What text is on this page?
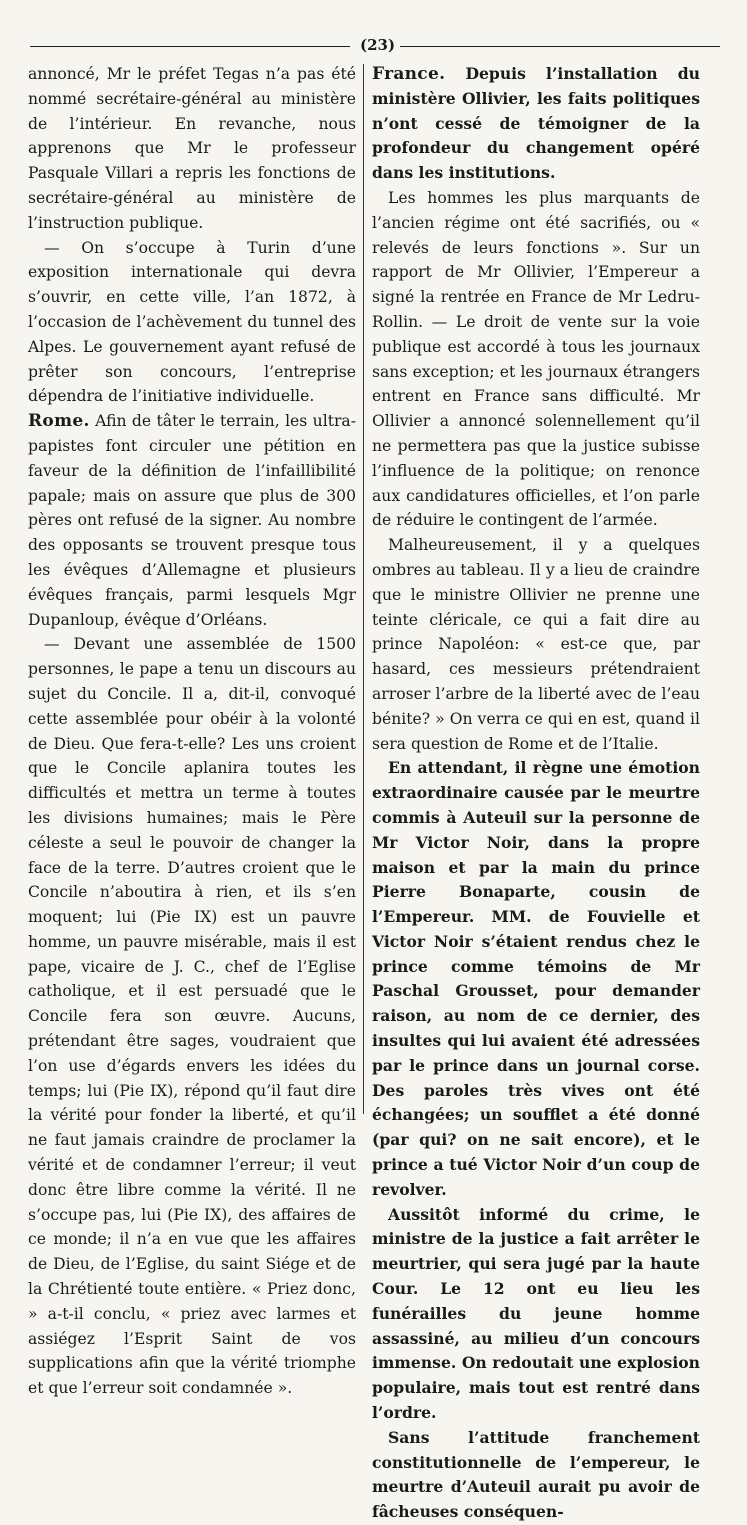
(23)

annoncé, Mr le préfet Tegas n’a pas été nommé secrétaire-général au ministère de l’intérieur. En revanche, nous apprenons que Mr le professeur Pasquale Villari a repris les fonctions de secrétaire-général au ministère de l’instruction publique.

— On s’occupe à Turin d’une exposition internationale qui devra s’ouvrir, en cette ville, l’an 1872, à l’occasion de l’achèvement du tunnel des Alpes. Le gouvernement ayant refusé de prêter son concours, l’entreprise dépendra de l’initiative individuelle.

Rome. Afin de tâter le terrain, les ultra-papistes font circuler une pétition en faveur de la définition de l’infaillibilité papale; mais on assure que plus de 300 pères ont refusé de la signer. Au nombre des opposants se trouvent presque tous les évêques d’Allemagne et plusieurs évêques français, parmi lesquels Mgr Dupanloup, évêque d’Orléans.

— Devant une assemblée de 1500 personnes, le pape a tenu un discours au sujet du Concile. Il a, dit-il, convoqué cette assemblée pour obéir à la volonté de Dieu. Que fera-t-elle? Les uns croient que le Concile aplanira toutes les difficultés et mettra un terme à toutes les divisions humaines; mais le Père céleste a seul le pouvoir de changer la face de la terre. D’autres croient que le Concile n’aboutira à rien, et ils s’en moquent; lui (Pie IX) est un pauvre homme, un pauvre misérable, mais il est pape, vicaire de J. C., chef de l’Eglise catholique, et il est persuadé que le Concile fera son œuvre. Aucuns, prétendant être sages, voudraient que l’on use d’égards envers les idées du temps; lui (Pie IX), répond qu’il faut dire la vérité pour fonder la liberté, et qu’il ne faut jamais craindre de proclamer la vérité et de condamner l’erreur; il veut donc être libre comme la vérité. Il ne s’occupe pas, lui (Pie IX), des affaires de ce monde; il n’a en vue que les affaires de Dieu, de l’Eglise, du saint Siége et de la Chrétienté toute entière. « Priez donc, » a-t-il conclu, « priez avec larmes et assiégez l’Esprit Saint de vos supplications afin que la vérité triomphe et que l’erreur soit condamnée ».

France. Depuis l’installation du ministère Ollivier, les faits politiques n’ont cessé de témoigner de la profondeur du changement opéré dans les institutions.

Les hommes les plus marquants de l’ancien régime ont été sacrifiés, ou « relevés de leurs fonctions ». Sur un rapport de Mr Ollivier, l’Empereur a signé la rentrée en France de Mr Ledru-Rollin. — Le droit de vente sur la voie publique est accordé à tous les journaux sans exception; et les journaux étrangers entrent en France sans difficulté. Mr Ollivier a annoncé solennellement qu’il ne permettera pas que la justice subisse l’influence de la politique; on renonce aux candidatures officielles, et l’on parle de réduire le contingent de l’armée.

Malheureusement, il y a quelques ombres au tableau. Il y a lieu de craindre que le ministre Ollivier ne prenne une teinte cléricale, ce qui a fait dire au prince Napoléon: « est-ce que, par hasard, ces messieurs prétendraient arroser l’arbre de la liberté avec de l’eau bénite? » On verra ce qui en est, quand il sera question de Rome et de l’Italie.

En attendant, il règne une émotion extraordinaire causée par le meurtre commis à Auteuil sur la personne de Mr Victor Noir, dans la propre maison et par la main du prince Pierre Bonaparte, cousin de l’Empereur. MM. de Fouvielle et Victor Noir s’étaient rendus chez le prince comme témoins de Mr Paschal Grousset, pour demander raison, au nom de ce dernier, des insultes qui lui avaient été adressées par le prince dans un journal corse. Des paroles très vives ont été échangées; un soufflet a été donné (par qui? on ne sait encore), et le prince a tué Victor Noir d’un coup de revolver.

Aussitôt informé du crime, le ministre de la justice a fait arrêter le meurtrier, qui sera jugé par la haute Cour. Le 12 ont eu lieu les funérailles du jeune homme assassiné, au milieu d’un concours immense. On redoutait une explosion populaire, mais tout est rentré dans l’ordre.

Sans l’attitude franchement constitutionnelle de l’empereur, le meurtre d’Auteuil aurait pu avoir de fâcheuses conséquen-
